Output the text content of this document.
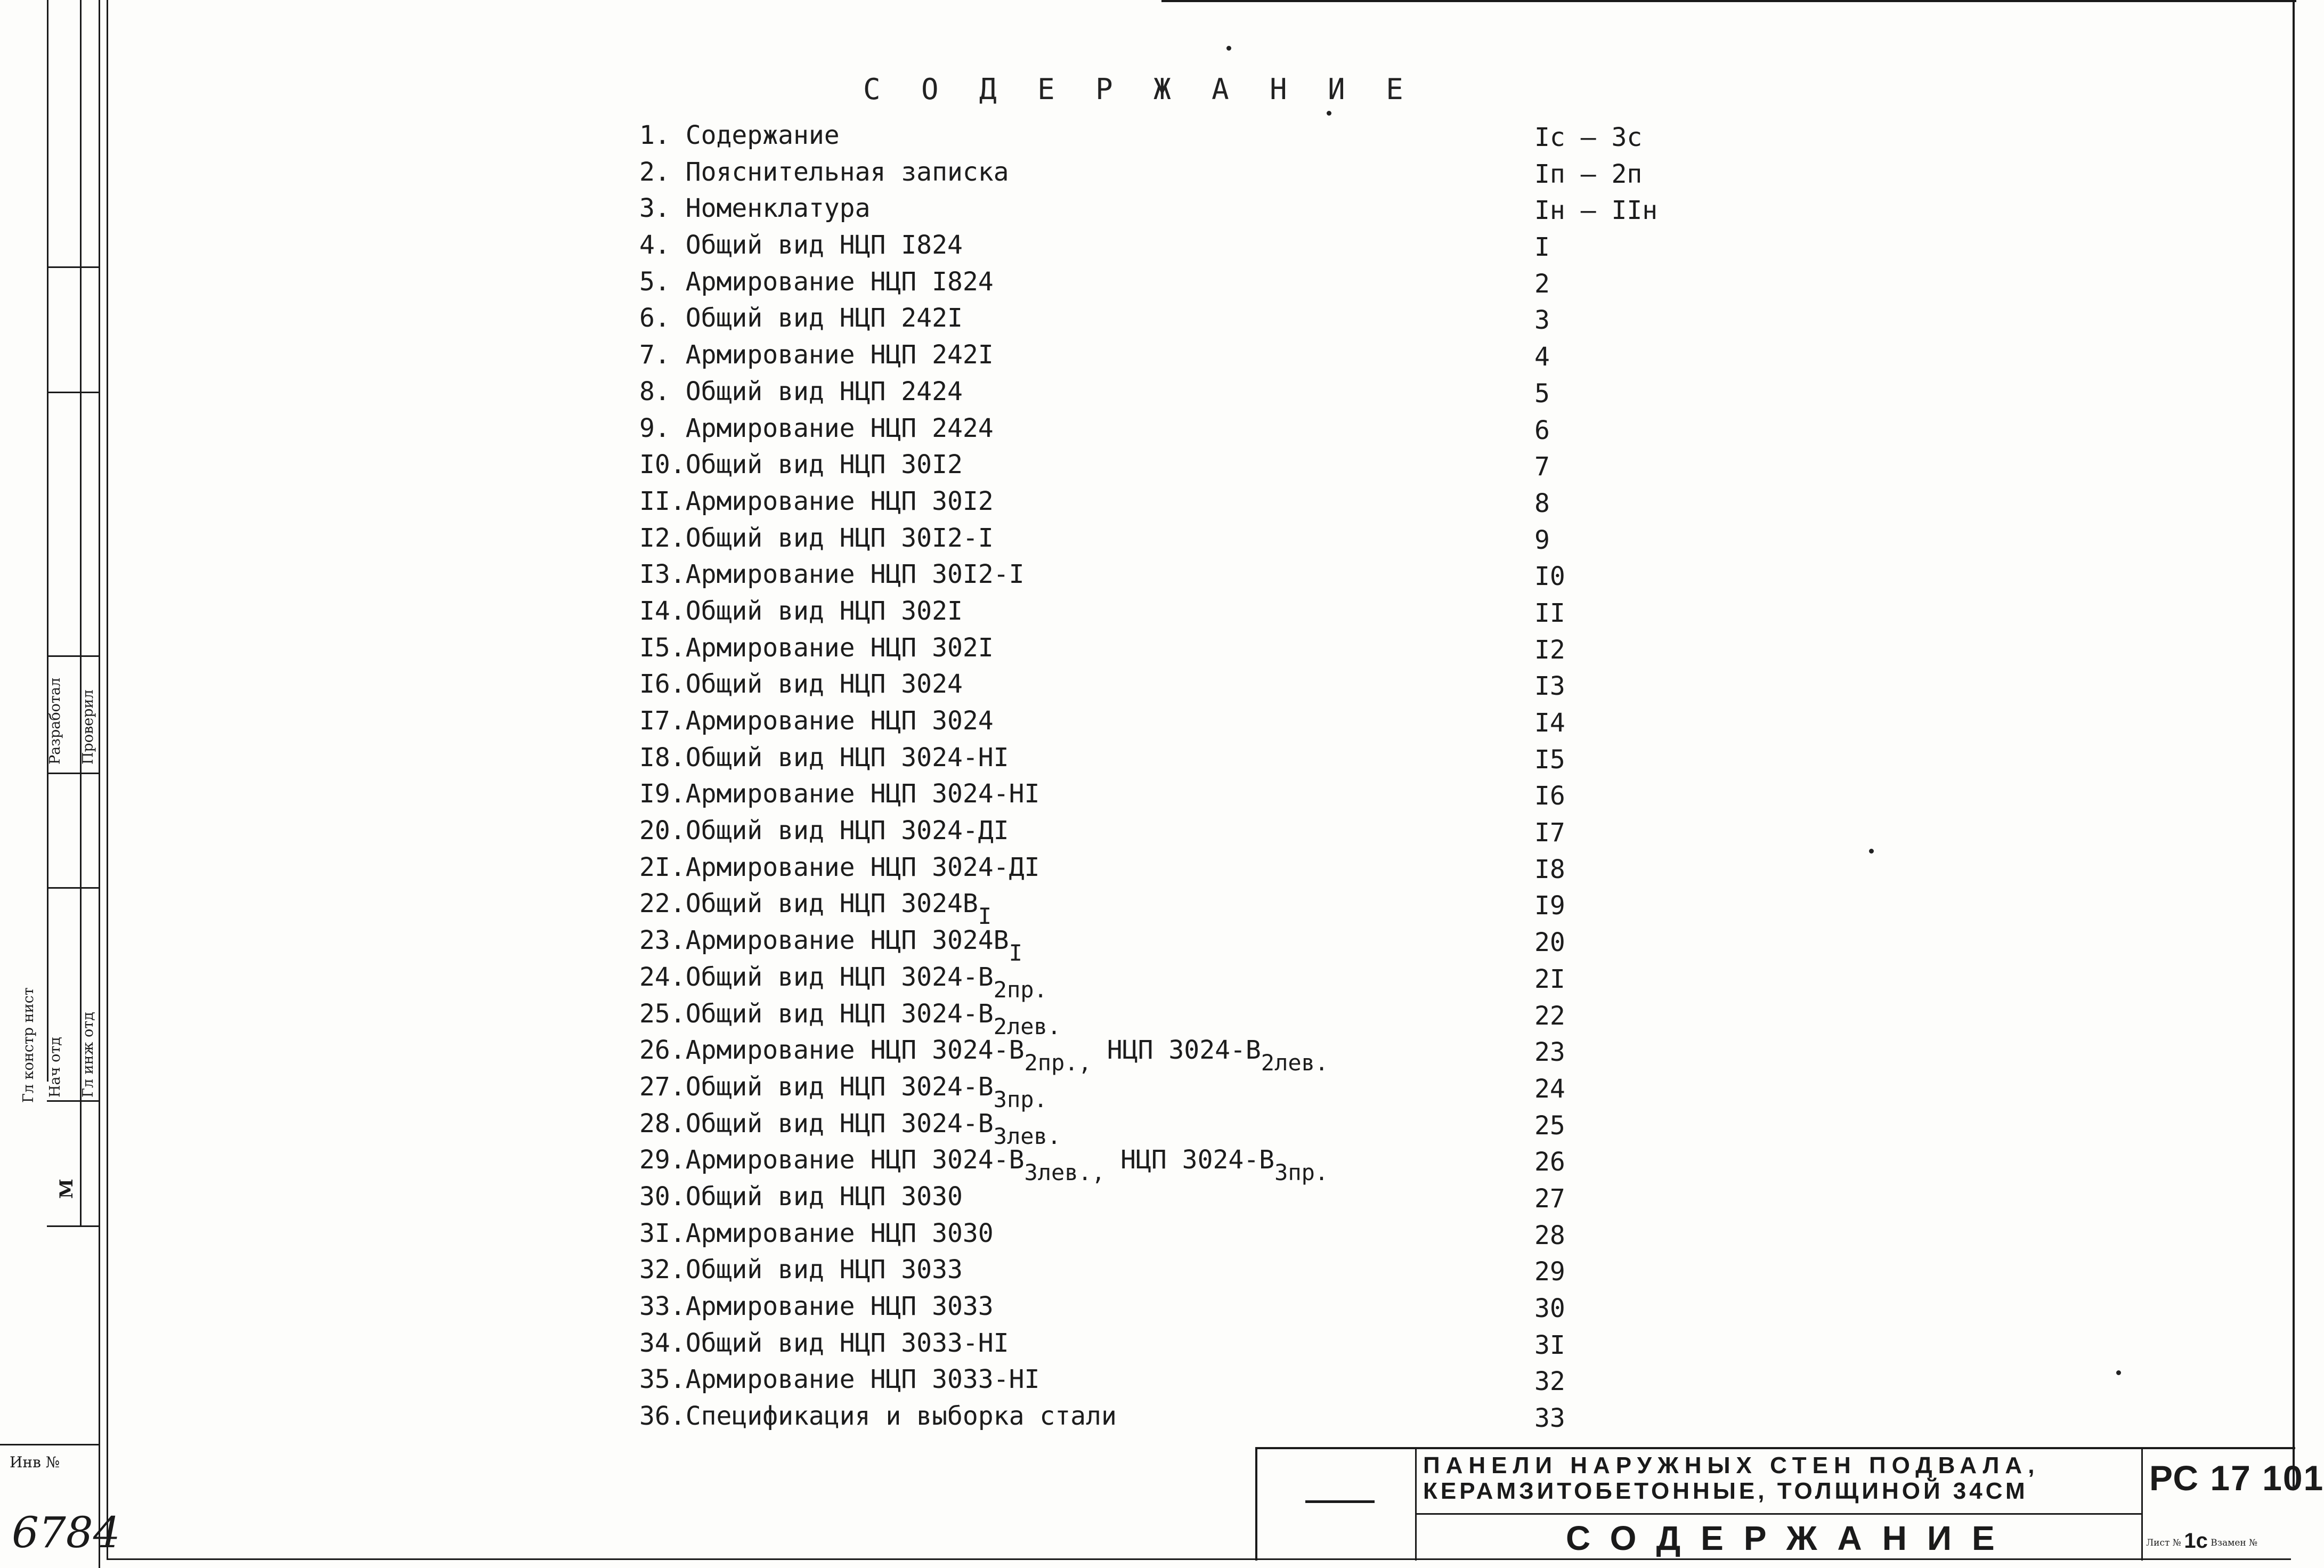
Разработал Проверил
Гл констр нист Нач отд Гл инж отд
М
Инв №
6784
С О Д Е Р Ж А Н И Е
1. Содержание	Iс – 3с
2. Пояснительная записка	Iп – 2п
3. Номенклатура	Iн – IIн
4. Общий вид НЦП I824	I
5. Армирование НЦП I824	2
6. Общий вид НЦП 242I	3
7. Армирование НЦП 242I	4
8. Общий вид НЦП 2424	5
9. Армирование НЦП 2424	6
I0.Общий вид НЦП 30I2	7
II.Армирование НЦП 30I2	8
I2.Общий вид НЦП 30I2-I	9
I3.Армирование НЦП 30I2-I	I0
I4.Общий вид НЦП 302I	II
I5.Армирование НЦП 302I	I2
I6.Общий вид НЦП 3024	I3
I7.Армирование НЦП 3024	I4
I8.Общий вид НЦП 3024-НI	I5
I9.Армирование НЦП 3024-НI	I6
20.Общий вид НЦП 3024-ДI	I7
2I.Армирование НЦП 3024-ДI	I8
22.Общий вид НЦП $3024В_I$	I9
23.Армирование НЦП $3024В_I$	20
24.Общий вид НЦП $3024-В_{2пр.}$	2I
25.Общий вид НЦП $3024-В_{2лев.}$	22
26.Армирование НЦП $3024-В_{2пр.,}$ НЦП $3024-В_{2лев.}$	23
27.Общий вид НЦП $3024-В_{3пр.}$	24
28.Общий вид НЦП $3024-В_{3лев.}$	25
29.Армирование НЦП $3024-В_{3лев.,}$ НЦП $3024-В_{3пр.}$	26
30.Общий вид НЦП 3030	27
3I.Армирование НЦП 3030	28
32.Общий вид НЦП 3033	29
33.Армирование НЦП 3033	30
34.Общий вид НЦП 3033-НI	3I
35.Армирование НЦП 3033-НI	32
36.Спецификация и выборка стали	33
ПАНЕЛИ НАРУЖНЫХ СТЕН ПОДВАЛА,
КЕРАМЗИТОБЕТОННЫЕ, ТОЛЩИНОЙ 34СМ
СОДЕРЖАНИЕ
РС 17 101
Лист № 1с Взамен №
